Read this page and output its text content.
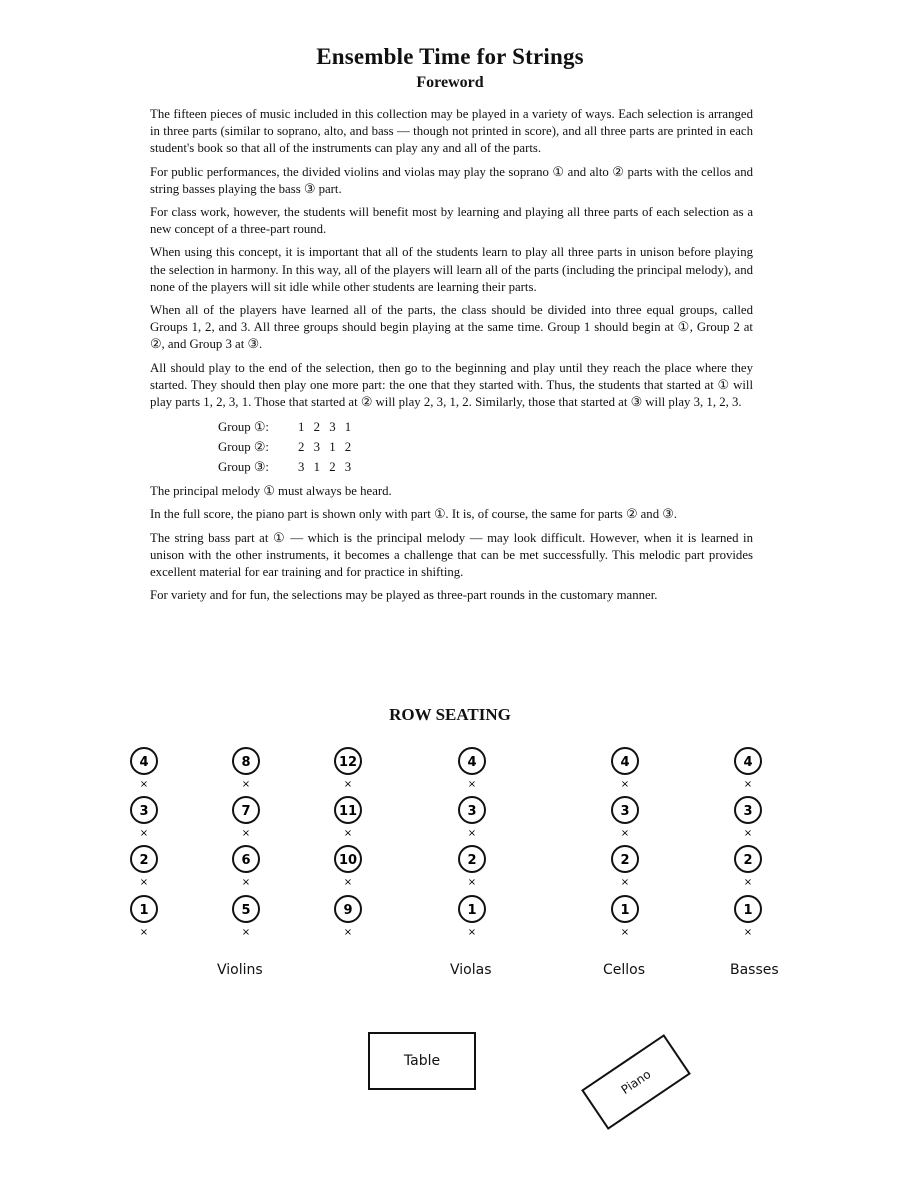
Ensemble Time for Strings
Foreword

The fifteen pieces of music included in this collection may be played in a variety of ways. Each selection is arranged in three parts (similar to soprano, alto, and bass — though not printed in score), and all three parts are printed in each student's book so that all of the instruments can play any and all of the parts.

For public performances, the divided violins and violas may play the soprano ① and alto ② parts with the cellos and string basses playing the bass ③ part.

For class work, however, the students will benefit most by learning and playing all three parts of each selection as a new concept of a three-part round.

When using this concept, it is important that all of the students learn to play all three parts in unison before playing the selection in harmony. In this way, all of the players will learn all of the parts (including the principal melody), and none of the players will sit idle while other students are learning their parts.

When all of the players have learned all of the parts, the class should be divided into three equal groups, called Groups 1, 2, and 3. All three groups should begin playing at the same time. Group 1 should begin at ①, Group 2 at ②, and Group 3 at ③.

All should play to the end of the selection, then go to the beginning and play until they reach the place where they started. They should then play one more part: the one that they started with. Thus, the students that started at ① will play parts 1, 2, 3, 1. Those that started at ② will play 2, 3, 1, 2. Similarly, those that started at ③ will play 3, 1, 2, 3.

Group ①:	1 2 3 1
Group ②:	2 3 1 2
Group ③:	3 1 2 3

The principal melody ① must always be heard.

In the full score, the piano part is shown only with part ①. It is, of course, the same for parts ② and ③.

The string bass part at ① — which is the principal melody — may look difficult. However, when it is learned in unison with the other instruments, it becomes a challenge that can be met successfully. This melodic part provides excellent material for ear training and for practice in shifting.

For variety and for fun, the selections may be played as three-part rounds in the customary manner.

ROW SEATING
4
×
3
×
2
×
1
×
8
×
7
×
6
×
5
×
12
×
11
×
10
×
9
×
4
×
3
×
2
×
1
×
4
×
3
×
2
×
1
×
4
×
3
×
2
×
1
×
Violins	Violas	Cellos	Basses
Table
Piano
